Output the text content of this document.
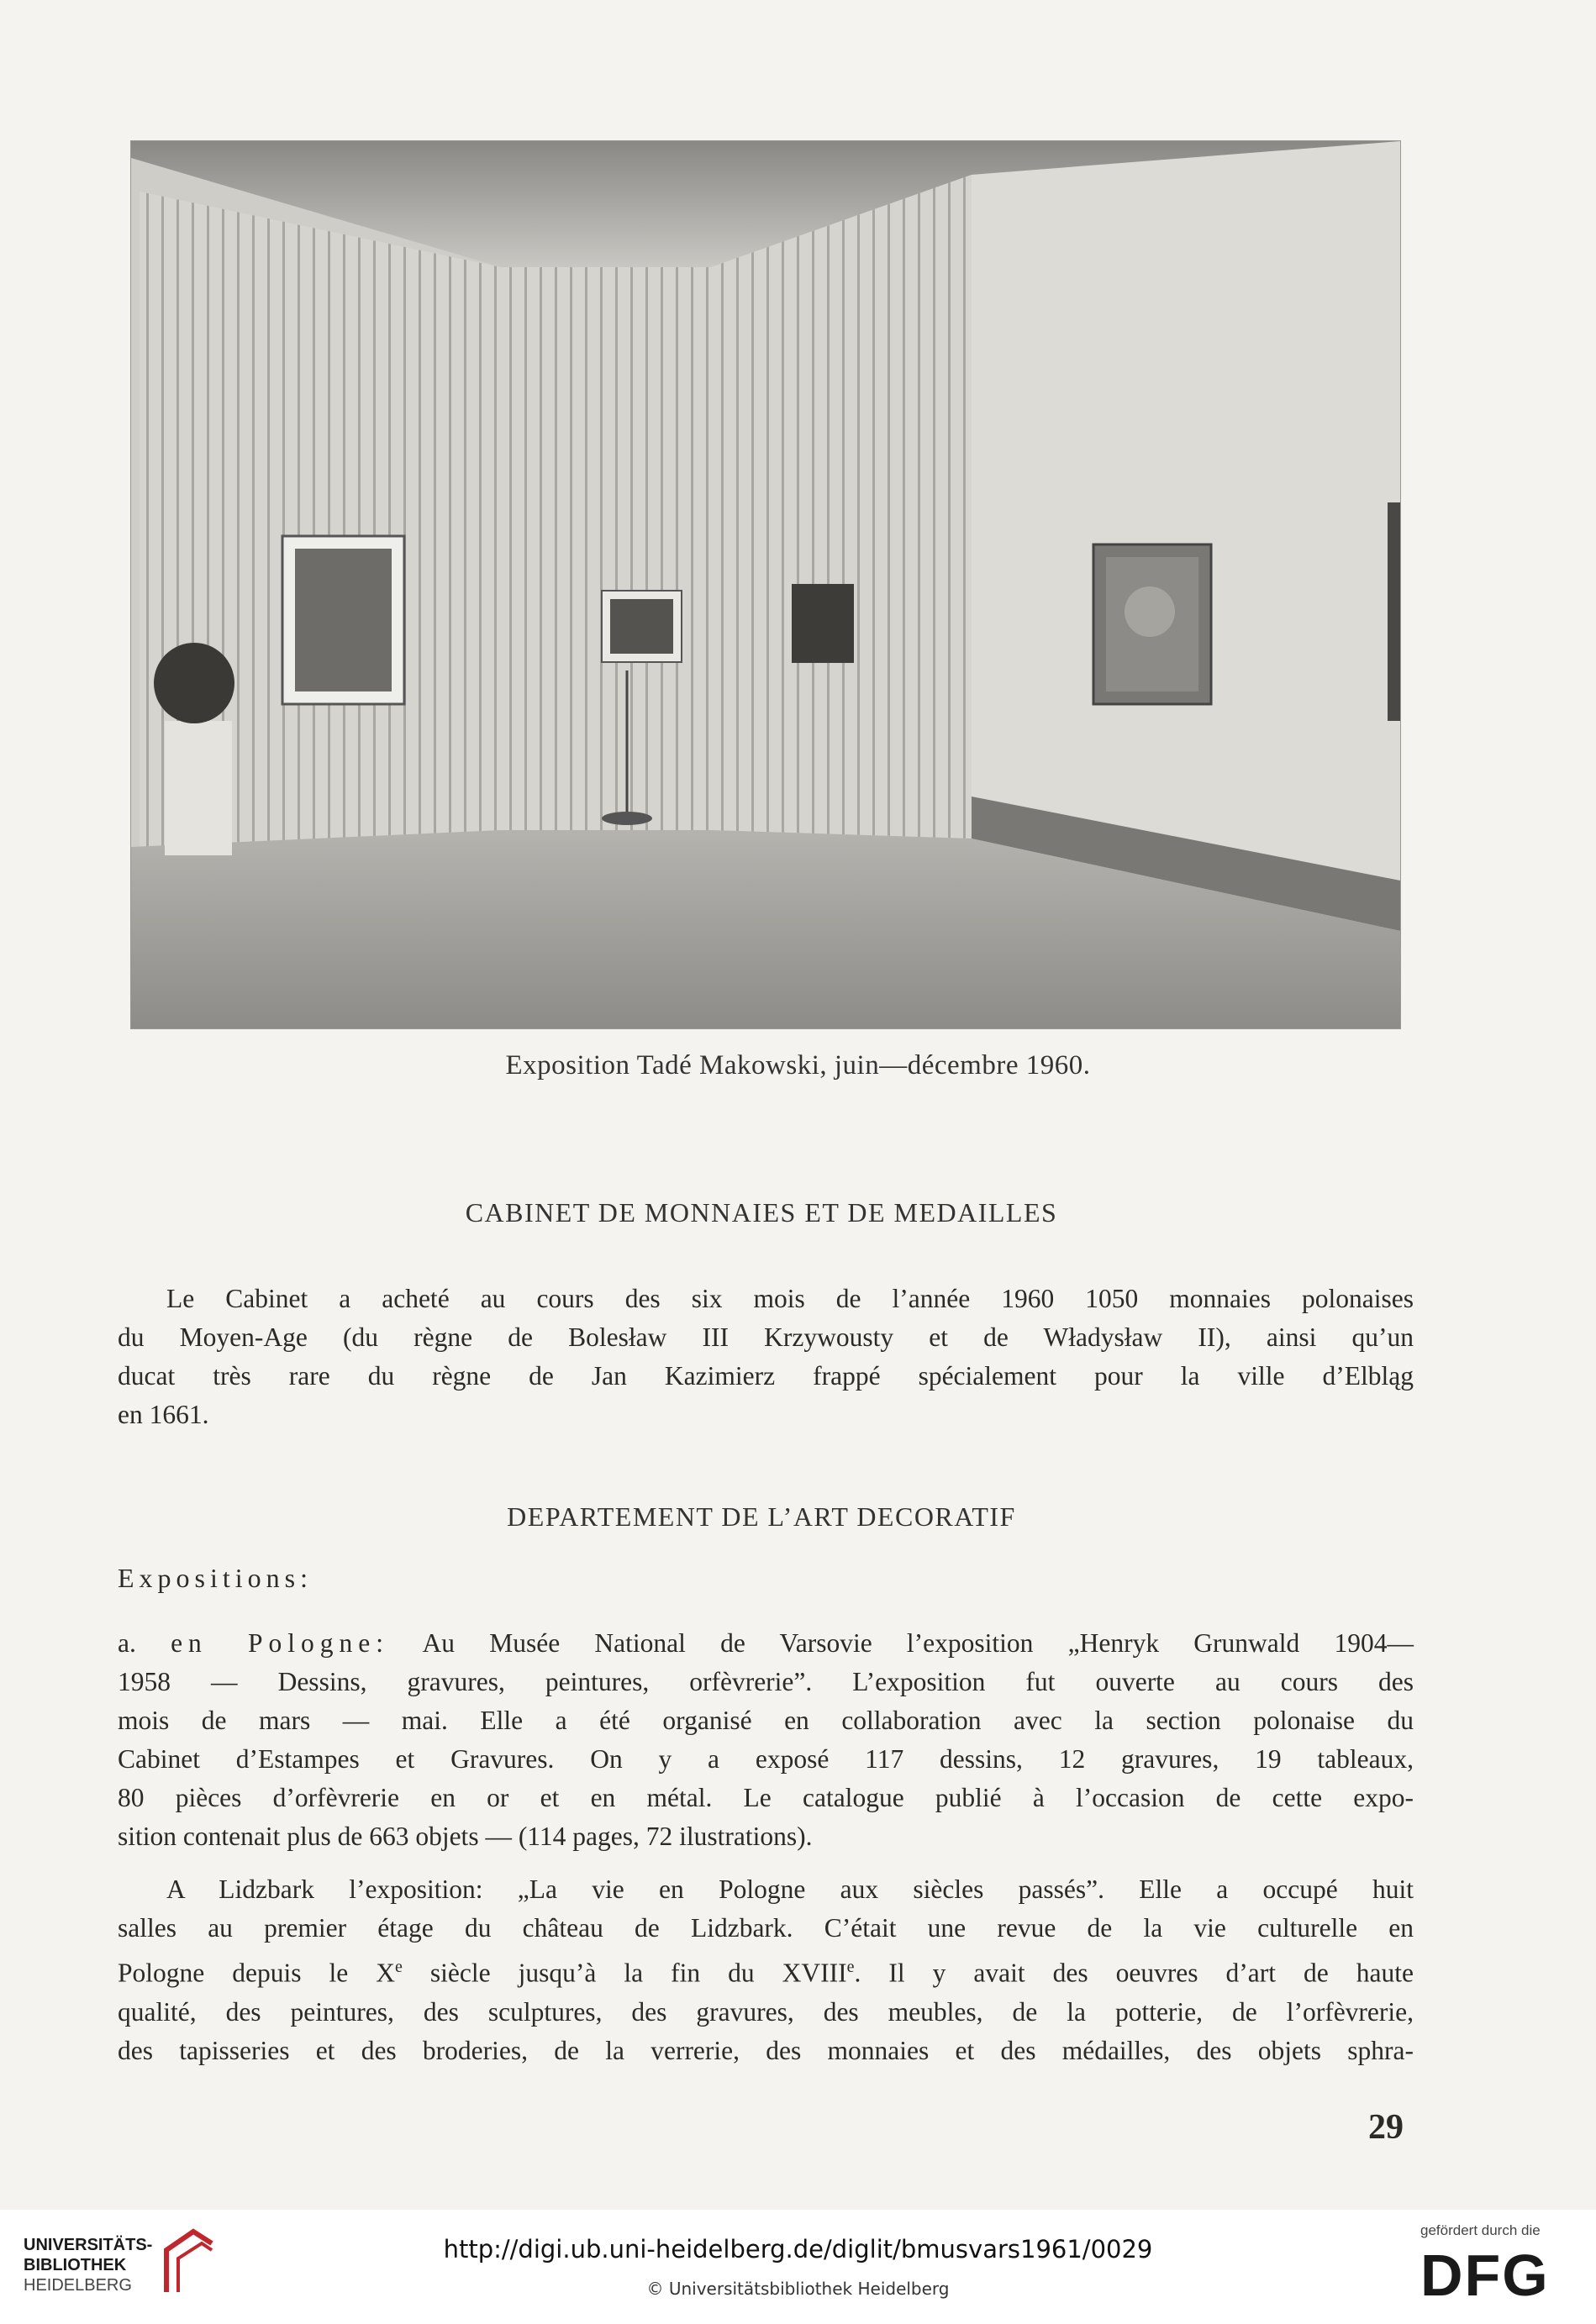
Exposition Tadé Makowski, juin—décembre 1960.
CABINET DE MONNAIES ET DE MEDAILLES

Le Cabinet a acheté au cours des six mois de l’année 1960 1050 monnaies polonaises
du Moyen-Age (du règne de Bolesław III Krzywousty et de Władysław II), ainsi qu’un
ducat très rare du règne de Jan Kazimierz frappé spécialement pour la ville d’Elbląg
en 1661.

DEPARTEMENT DE L’ART DECORATIF
Expositions:

a. en Pologne: Au Musée National de Varsovie l’exposition „Henryk Grunwald 1904—
1958 — Dessins, gravures, peintures, orfèvrerie”. L’exposition fut ouverte au cours des
mois de mars — mai. Elle a été organisé en collaboration avec la section polonaise du
Cabinet d’Estampes et Gravures. On y a exposé 117 dessins, 12 gravures, 19 tableaux,
80 pièces d’orfèvrerie en or et en métal. Le catalogue publié à l’occasion de cette expo-
sition contenait plus de 663 objets — (114 pages, 72 ilustrations).

A Lidzbark l’exposition: „La vie en Pologne aux siècles passés”. Elle a occupé huit
salles au premier étage du château de Lidzbark. C’était une revue de la vie culturelle en
Pologne depuis le Xe siècle jusqu’à la fin du XVIIIe. Il y avait des oeuvres d’art de haute
qualité, des peintures, des sculptures, des gravures, des meubles, de la potterie, de l’orfèvrerie,
des tapisseries et des broderies, de la verrerie, des monnaies et des médailles, des objets sphra-

29
UNIVERSITÄTS-
BIBLIOTHEK
HEIDELBERG
http://digi.ub.uni-heidelberg.de/diglit/bmusvars1961/0029
© Universitätsbibliothek Heidelberg
gefördert durch die
DFG
